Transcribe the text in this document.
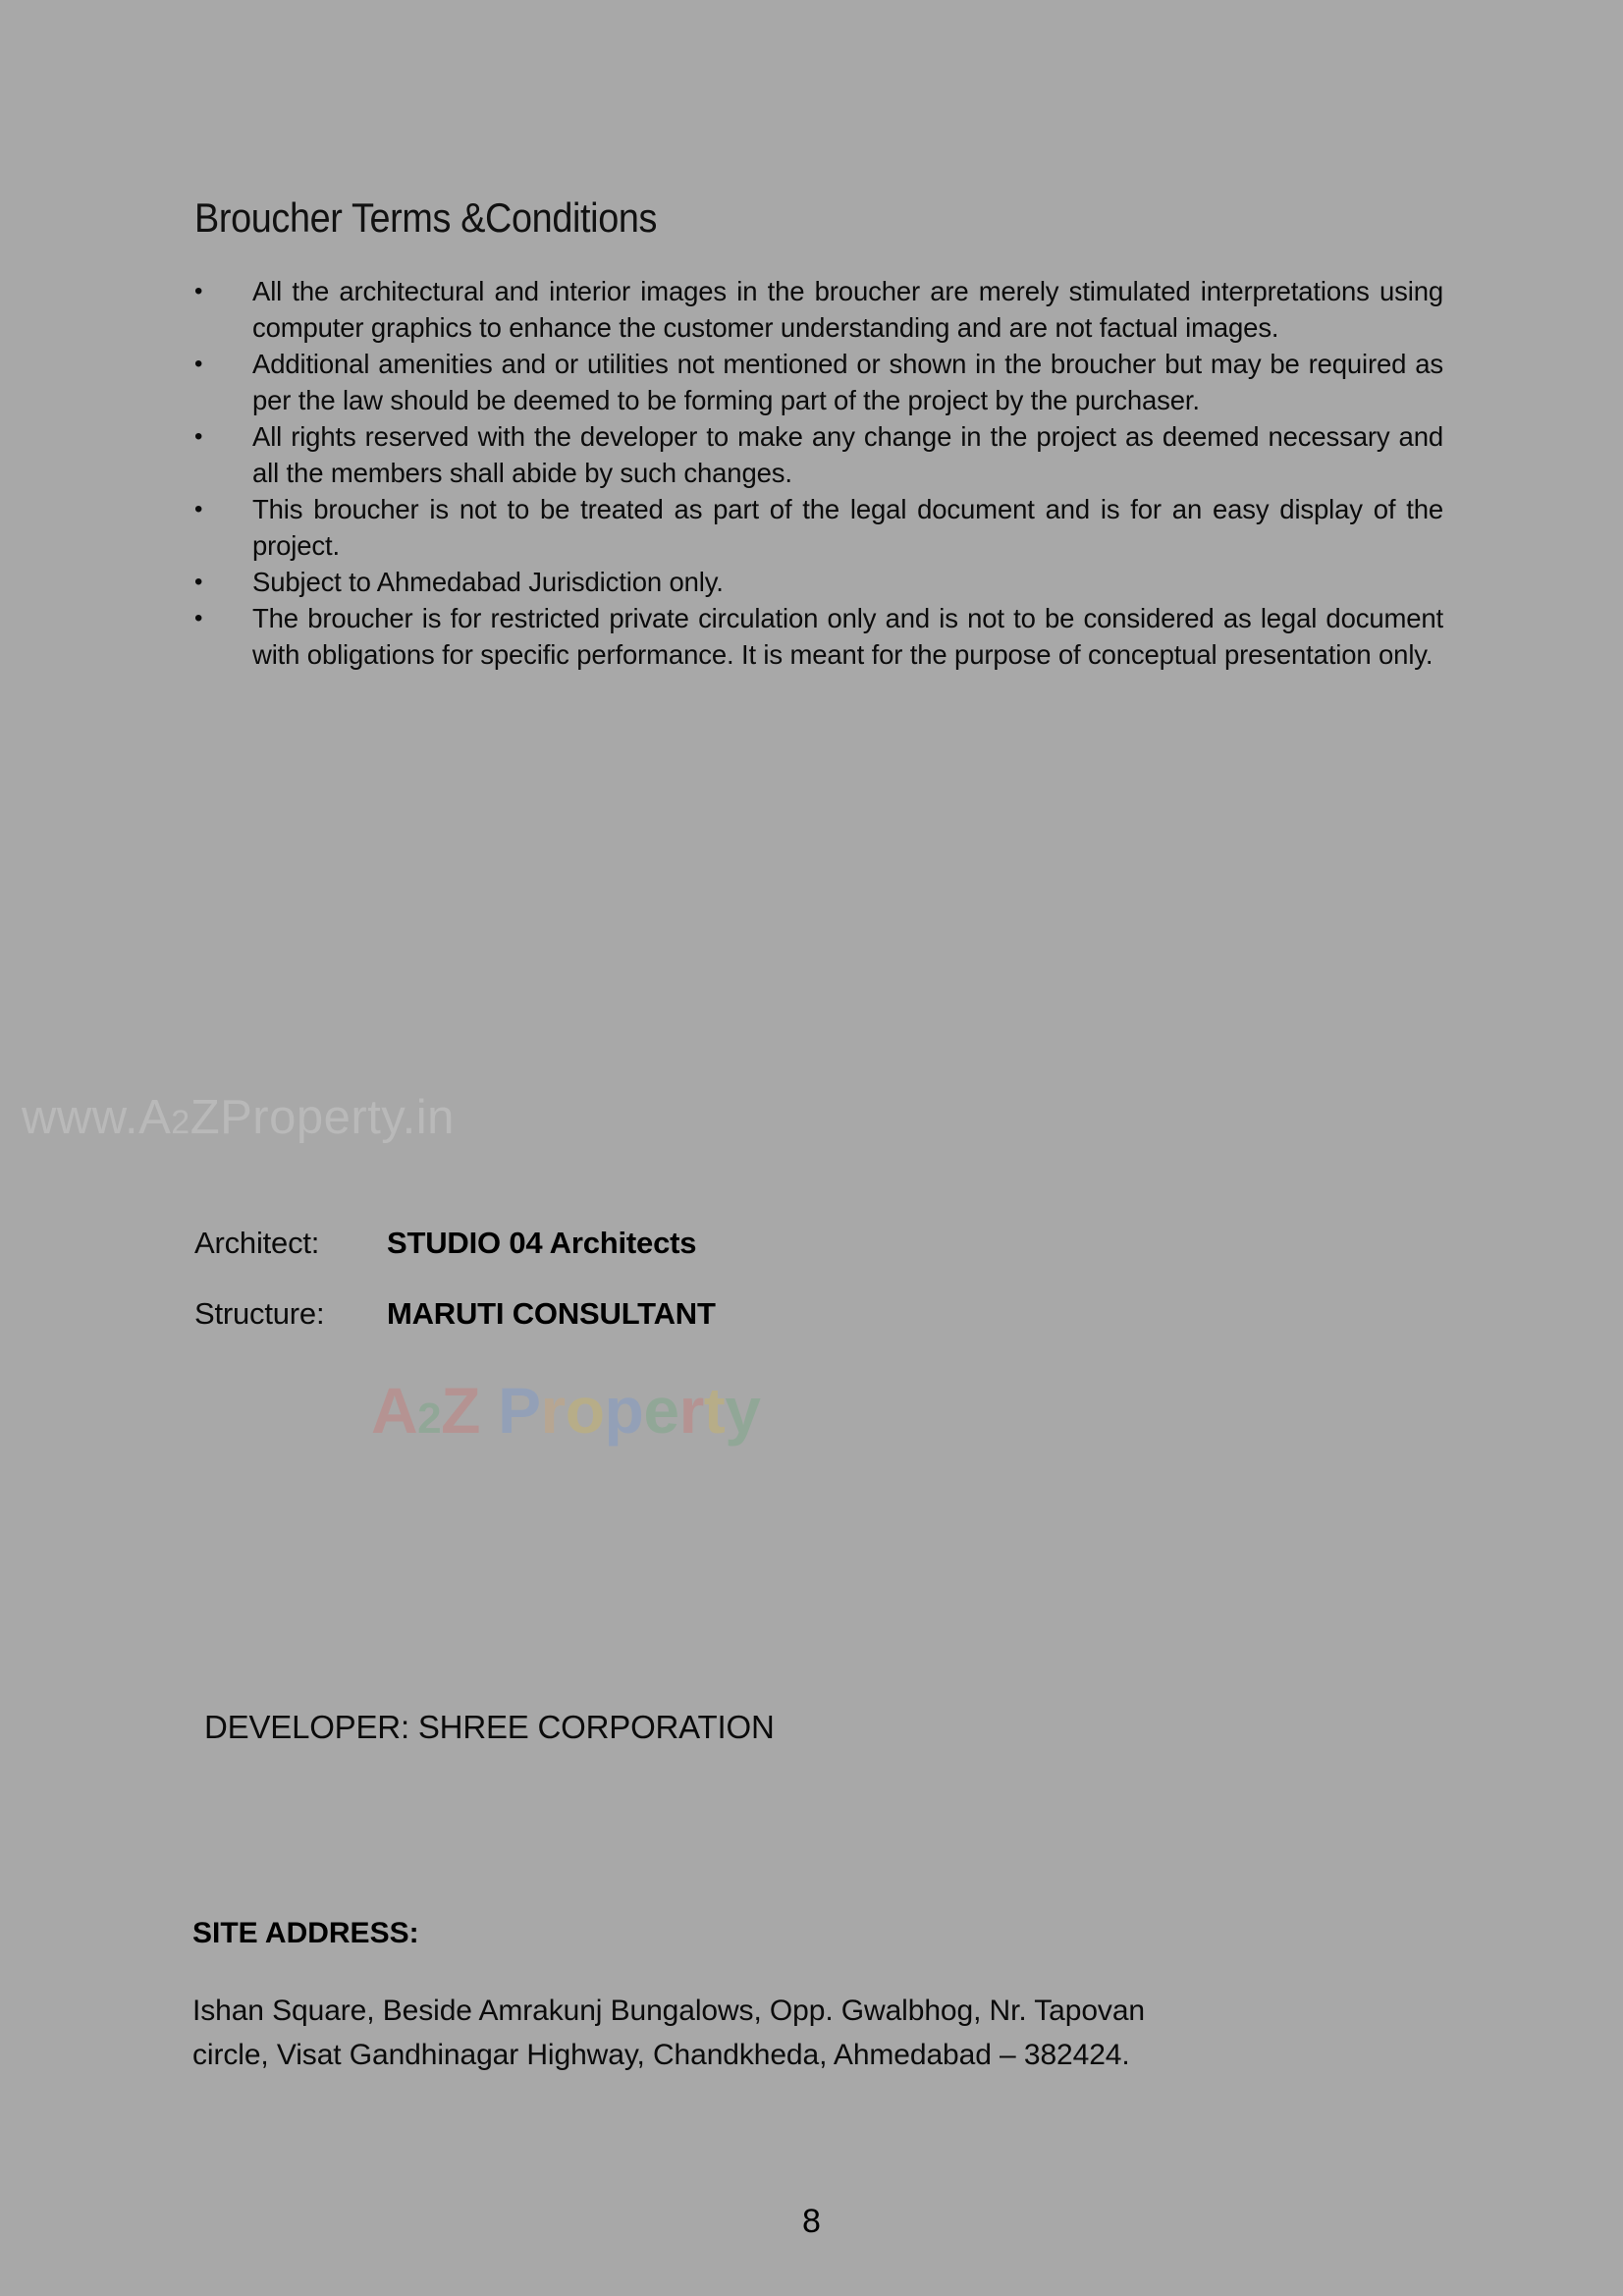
Broucher Terms &Conditions
• All the architectural and interior images in the broucher are merely stimulated interpretations using computer graphics to enhance the customer understanding and are not factual images.
• Additional amenities and or utilities not mentioned or shown in the broucher but may be required as per the law should be deemed to be forming part of the project by the purchaser.
• All rights reserved with the developer to make any change in the project as deemed necessary and all the members shall abide by such changes.
• This broucher is not to be treated as part of the legal document and is for an easy display of the project.
• Subject to Ahmedabad Jurisdiction only.
• The broucher is for restricted private circulation only and is not to be considered as legal document with obligations for specific performance. It is meant for the purpose of conceptual presentation only.
www.A2ZProperty.in
Architect:	STUDIO 04 Architects
Structure:	MARUTI CONSULTANT
A2Z Property
DEVELOPER: SHREE CORPORATION
SITE ADDRESS:
Ishan Square, Beside Amrakunj Bungalows, Opp. Gwalbhog, Nr. Tapovan
circle, Visat Gandhinagar Highway, Chandkheda, Ahmedabad – 382424.
8
